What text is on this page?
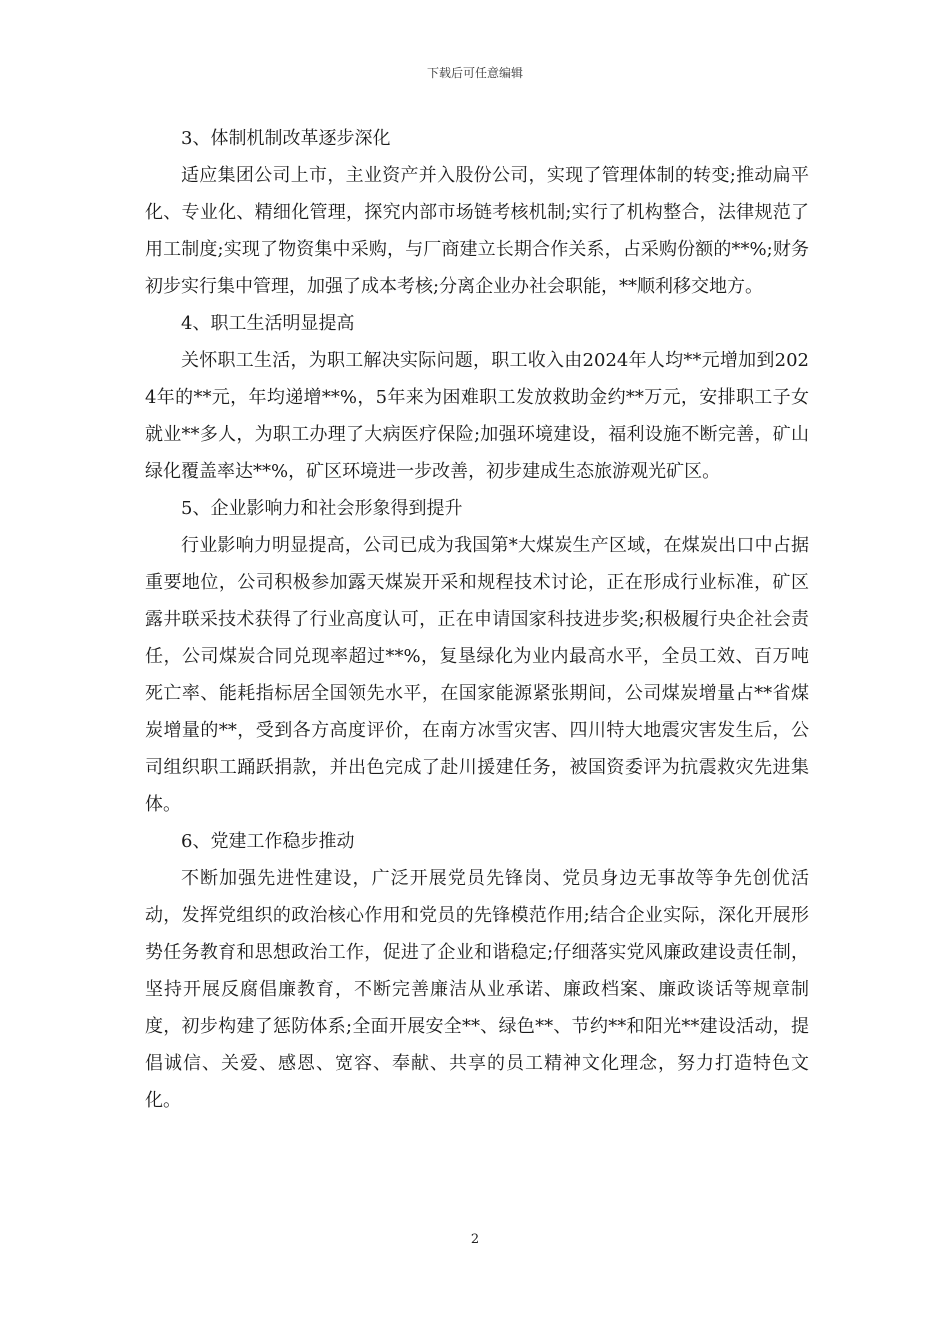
下载后可任意编辑

3、体制机制改革逐步深化

适应集团公司上市，主业资产并入股份公司，实现了管理体制的转变;推动扁平化、专业化、精细化管理，探究内部市场链考核机制;实行了机构整合，法律规范了用工制度;实现了物资集中采购，与厂商建立长期合作关系，占采购份额的**%;财务初步实行集中管理，加强了成本考核;分离企业办社会职能，**顺利移交地方。

4、职工生活明显提高

关怀职工生活，为职工解决实际问题，职工收入由2024年人均**元增加到2024年的**元，年均递增**%，5年来为困难职工发放救助金约**万元，安排职工子女就业**多人，为职工办理了大病医疗保险;加强环境建设，福利设施不断完善，矿山绿化覆盖率达**%，矿区环境进一步改善，初步建成生态旅游观光矿区。

5、企业影响力和社会形象得到提升

行业影响力明显提高，公司已成为我国第*大煤炭生产区域，在煤炭出口中占据重要地位，公司积极参加露天煤炭开采和规程技术讨论，正在形成行业标准，矿区露井联采技术获得了行业高度认可，正在申请国家科技进步奖;积极履行央企社会责任，公司煤炭合同兑现率超过**%，复垦绿化为业内最高水平，全员工效、百万吨死亡率、能耗指标居全国领先水平，在国家能源紧张期间，公司煤炭增量占**省煤炭增量的**，受到各方高度评价，在南方冰雪灾害、四川特大地震灾害发生后，公司组织职工踊跃捐款，并出色完成了赴川援建任务，被国资委评为抗震救灾先进集体。

6、党建工作稳步推动

不断加强先进性建设，广泛开展党员先锋岗、党员身边无事故等争先创优活动，发挥党组织的政治核心作用和党员的先锋模范作用;结合企业实际，深化开展形势任务教育和思想政治工作，促进了企业和谐稳定;仔细落实党风廉政建设责任制，坚持开展反腐倡廉教育，不断完善廉洁从业承诺、廉政档案、廉政谈话等规章制度，初步构建了惩防体系;全面开展安全**、绿色**、节约**和阳光**建设活动，提倡诚信、关爱、感恩、宽容、奉献、共享的员工精神文化理念，努力打造特色文化。

2
